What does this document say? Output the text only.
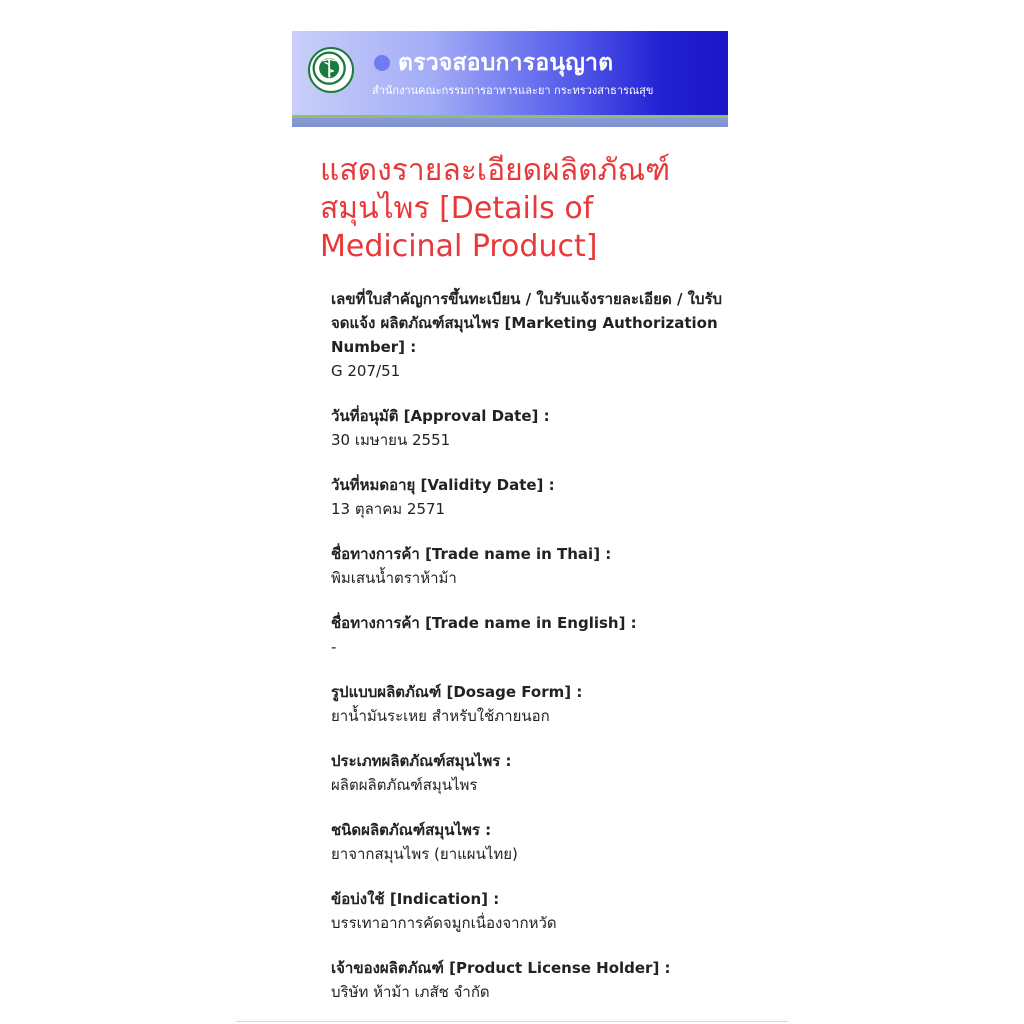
ตรวจสอบการอนุญาต
สำนักงานคณะกรรมการอาหารและยา กระทรวงสาธารณสุข
แสดงรายละเอียดผลิตภัณฑ์สมุนไพร [Details of Medicinal Product]

เลขที่ใบสำคัญการขึ้นทะเบียน / ใบรับแจ้งรายละเอียด / ใบรับจดแจ้ง ผลิตภัณฑ์สมุนไพร [Marketing Authorization Number] :

G 207/51

วันที่อนุมัติ [Approval Date] :

30 เมษายน 2551

วันที่หมดอายุ [Validity Date] :

13 ตุลาคม 2571

ชื่อทางการค้า [Trade name in Thai] :

พิมเสนน้ำตราห้าม้า

ชื่อทางการค้า [Trade name in English] :

-

รูปแบบผลิตภัณฑ์ [Dosage Form] :

ยาน้ำมันระเหย สำหรับใช้ภายนอก

ประเภทผลิตภัณฑ์สมุนไพร :

ผลิตผลิตภัณฑ์สมุนไพร

ชนิดผลิตภัณฑ์สมุนไพร :

ยาจากสมุนไพร (ยาแผนไทย)

ข้อบ่งใช้ [Indication] :

บรรเทาอาการคัดจมูกเนื่องจากหวัด

เจ้าของผลิตภัณฑ์ [Product License Holder] :

บริษัท ห้าม้า เภสัช จำกัด
